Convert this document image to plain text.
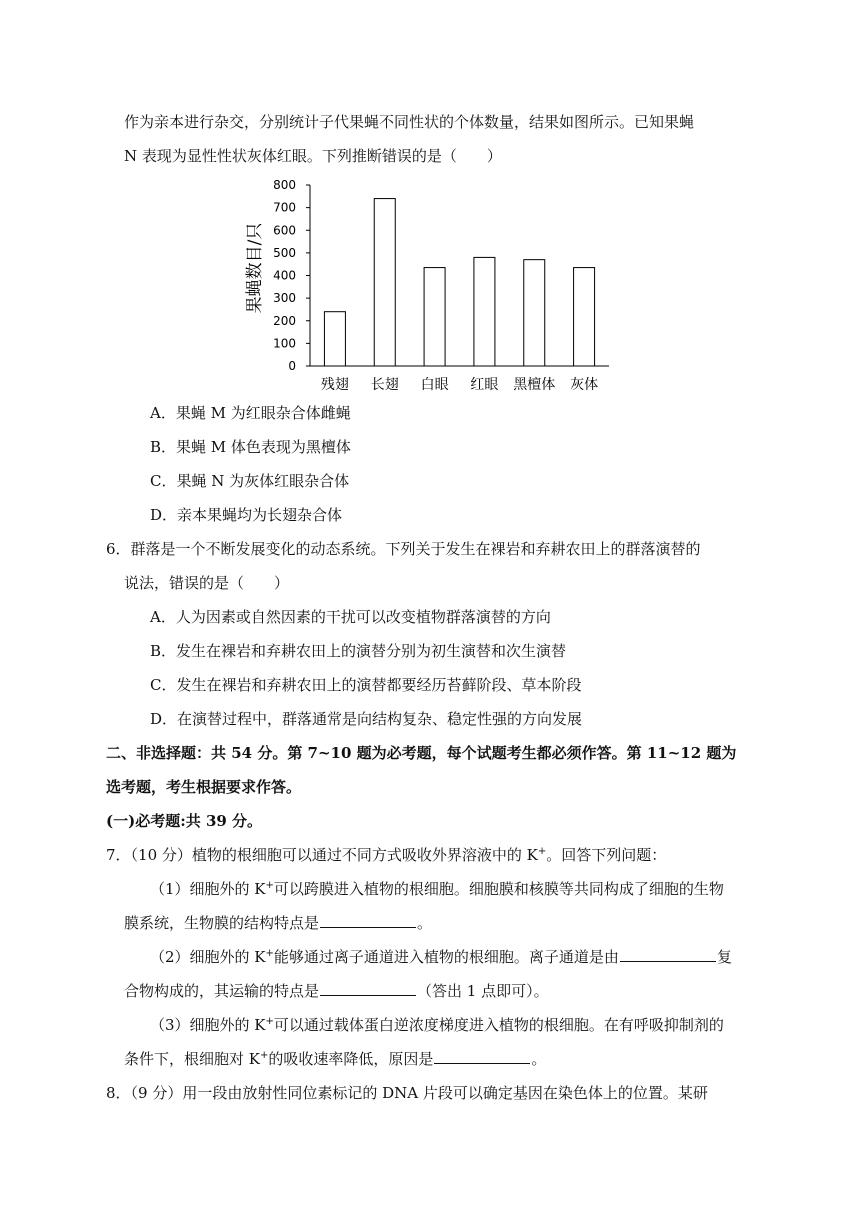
作为亲本进行杂交，分别统计子代果蝇不同性状的个体数量，结果如图所示。已知果蝇
N 表现为显性性状灰体红眼。下列推断错误的是（　　）
果蝇数目/只
0
100
200
300
400
500
600
700
800
残翅 长翅 白眼 红眼 黑檀体 灰体
A．果蝇 M 为红眼杂合体雌蝇
B．果蝇 M 体色表现为黑檀体
C．果蝇 N 为灰体红眼杂合体
D．亲本果蝇均为长翅杂合体
6．群落是一个不断发展变化的动态系统。下列关于发生在裸岩和弃耕农田上的群落演替的
说法，错误的是（　　）
A．人为因素或自然因素的干扰可以改变植物群落演替的方向
B．发生在裸岩和弃耕农田上的演替分别为初生演替和次生演替
C．发生在裸岩和弃耕农田上的演替都要经历苔藓阶段、草本阶段
D．在演替过程中，群落通常是向结构复杂、稳定性强的方向发展
二、非选择题：共 54 分。第 7~10 题为必考题，每个试题考生都必须作答。第 11~12 题为
选考题，考生根据要求作答。
(一)必考题:共 39 分。
7．（10 分）植物的根细胞可以通过不同方式吸收外界溶液中的 K+。回答下列问题：
（1）细胞外的 K+可以跨膜进入植物的根细胞。细胞膜和核膜等共同构成了细胞的生物
膜系统，生物膜的结构特点是	。
（2）细胞外的 K+能够通过离子通道进入植物的根细胞。离子通道是由	复
合物构成的，其运输的特点是	（答出 1 点即可）。
（3）细胞外的 K+可以通过载体蛋白逆浓度梯度进入植物的根细胞。在有呼吸抑制剂的
条件下，根细胞对 K+的吸收速率降低，原因是	。
8．（9 分）用一段由放射性同位素标记的 DNA 片段可以确定基因在染色体上的位置。某研
